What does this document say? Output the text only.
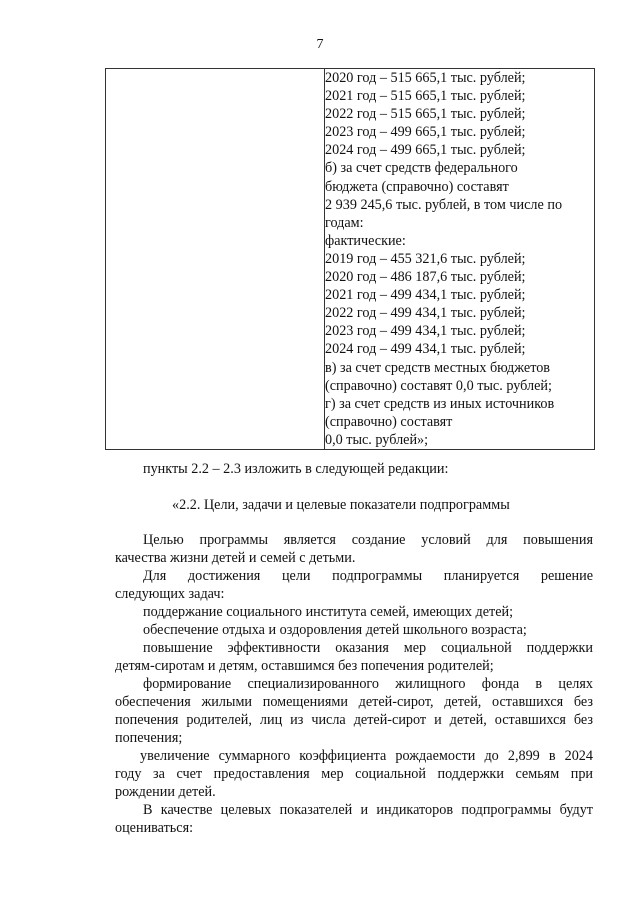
7

2020 год – 515 665,1 тыс. рублей;
2021 год – 515 665,1 тыс. рублей;
2022 год – 515 665,1 тыс. рублей;
2023 год – 499 665,1 тыс. рублей;
2024 год – 499 665,1 тыс. рублей;
б) за счет средств федерального
бюджета (справочно) составят
2 939 245,6 тыс. рублей, в том числе по
годам:
фактические:
2019 год – 455 321,6 тыс. рублей;
2020 год – 486 187,6 тыс. рублей;
2021 год – 499 434,1 тыс. рублей;
2022 год – 499 434,1 тыс. рублей;
2023 год – 499 434,1 тыс. рублей;
2024 год – 499 434,1 тыс. рублей;
в) за счет средств местных бюджетов
(справочно) составят 0,0 тыс. рублей;
г) за счет средств из иных источников
(справочно) составят
0,0 тыс. рублей»;
пункты 2.2 – 2.3 изложить в следующей редакции:
«2.2. Цели, задачи и целевые показатели подпрограммы
Целью программы является создание условий для повышения
качества жизни детей и семей с детьми.
Для достижения цели подпрограммы планируется решение
следующих задач:
поддержание социального института семей, имеющих детей;
обеспечение отдыха и оздоровления детей школьного возраста;
повышение эффективности оказания мер социальной поддержки
детям-сиротам и детям, оставшимся без попечения родителей;
формирование специализированного жилищного фонда в целях
обеспечения жилыми помещениями детей-сирот, детей, оставшихся без
попечения родителей, лиц из числа детей-сирот и детей, оставшихся без
попечения;
увеличение суммарного коэффициента рождаемости до 2,899 в 2024
году за счет предоставления мер социальной поддержки семьям при
рождении детей.
В качестве целевых показателей и индикаторов подпрограммы будут
оцениваться:
